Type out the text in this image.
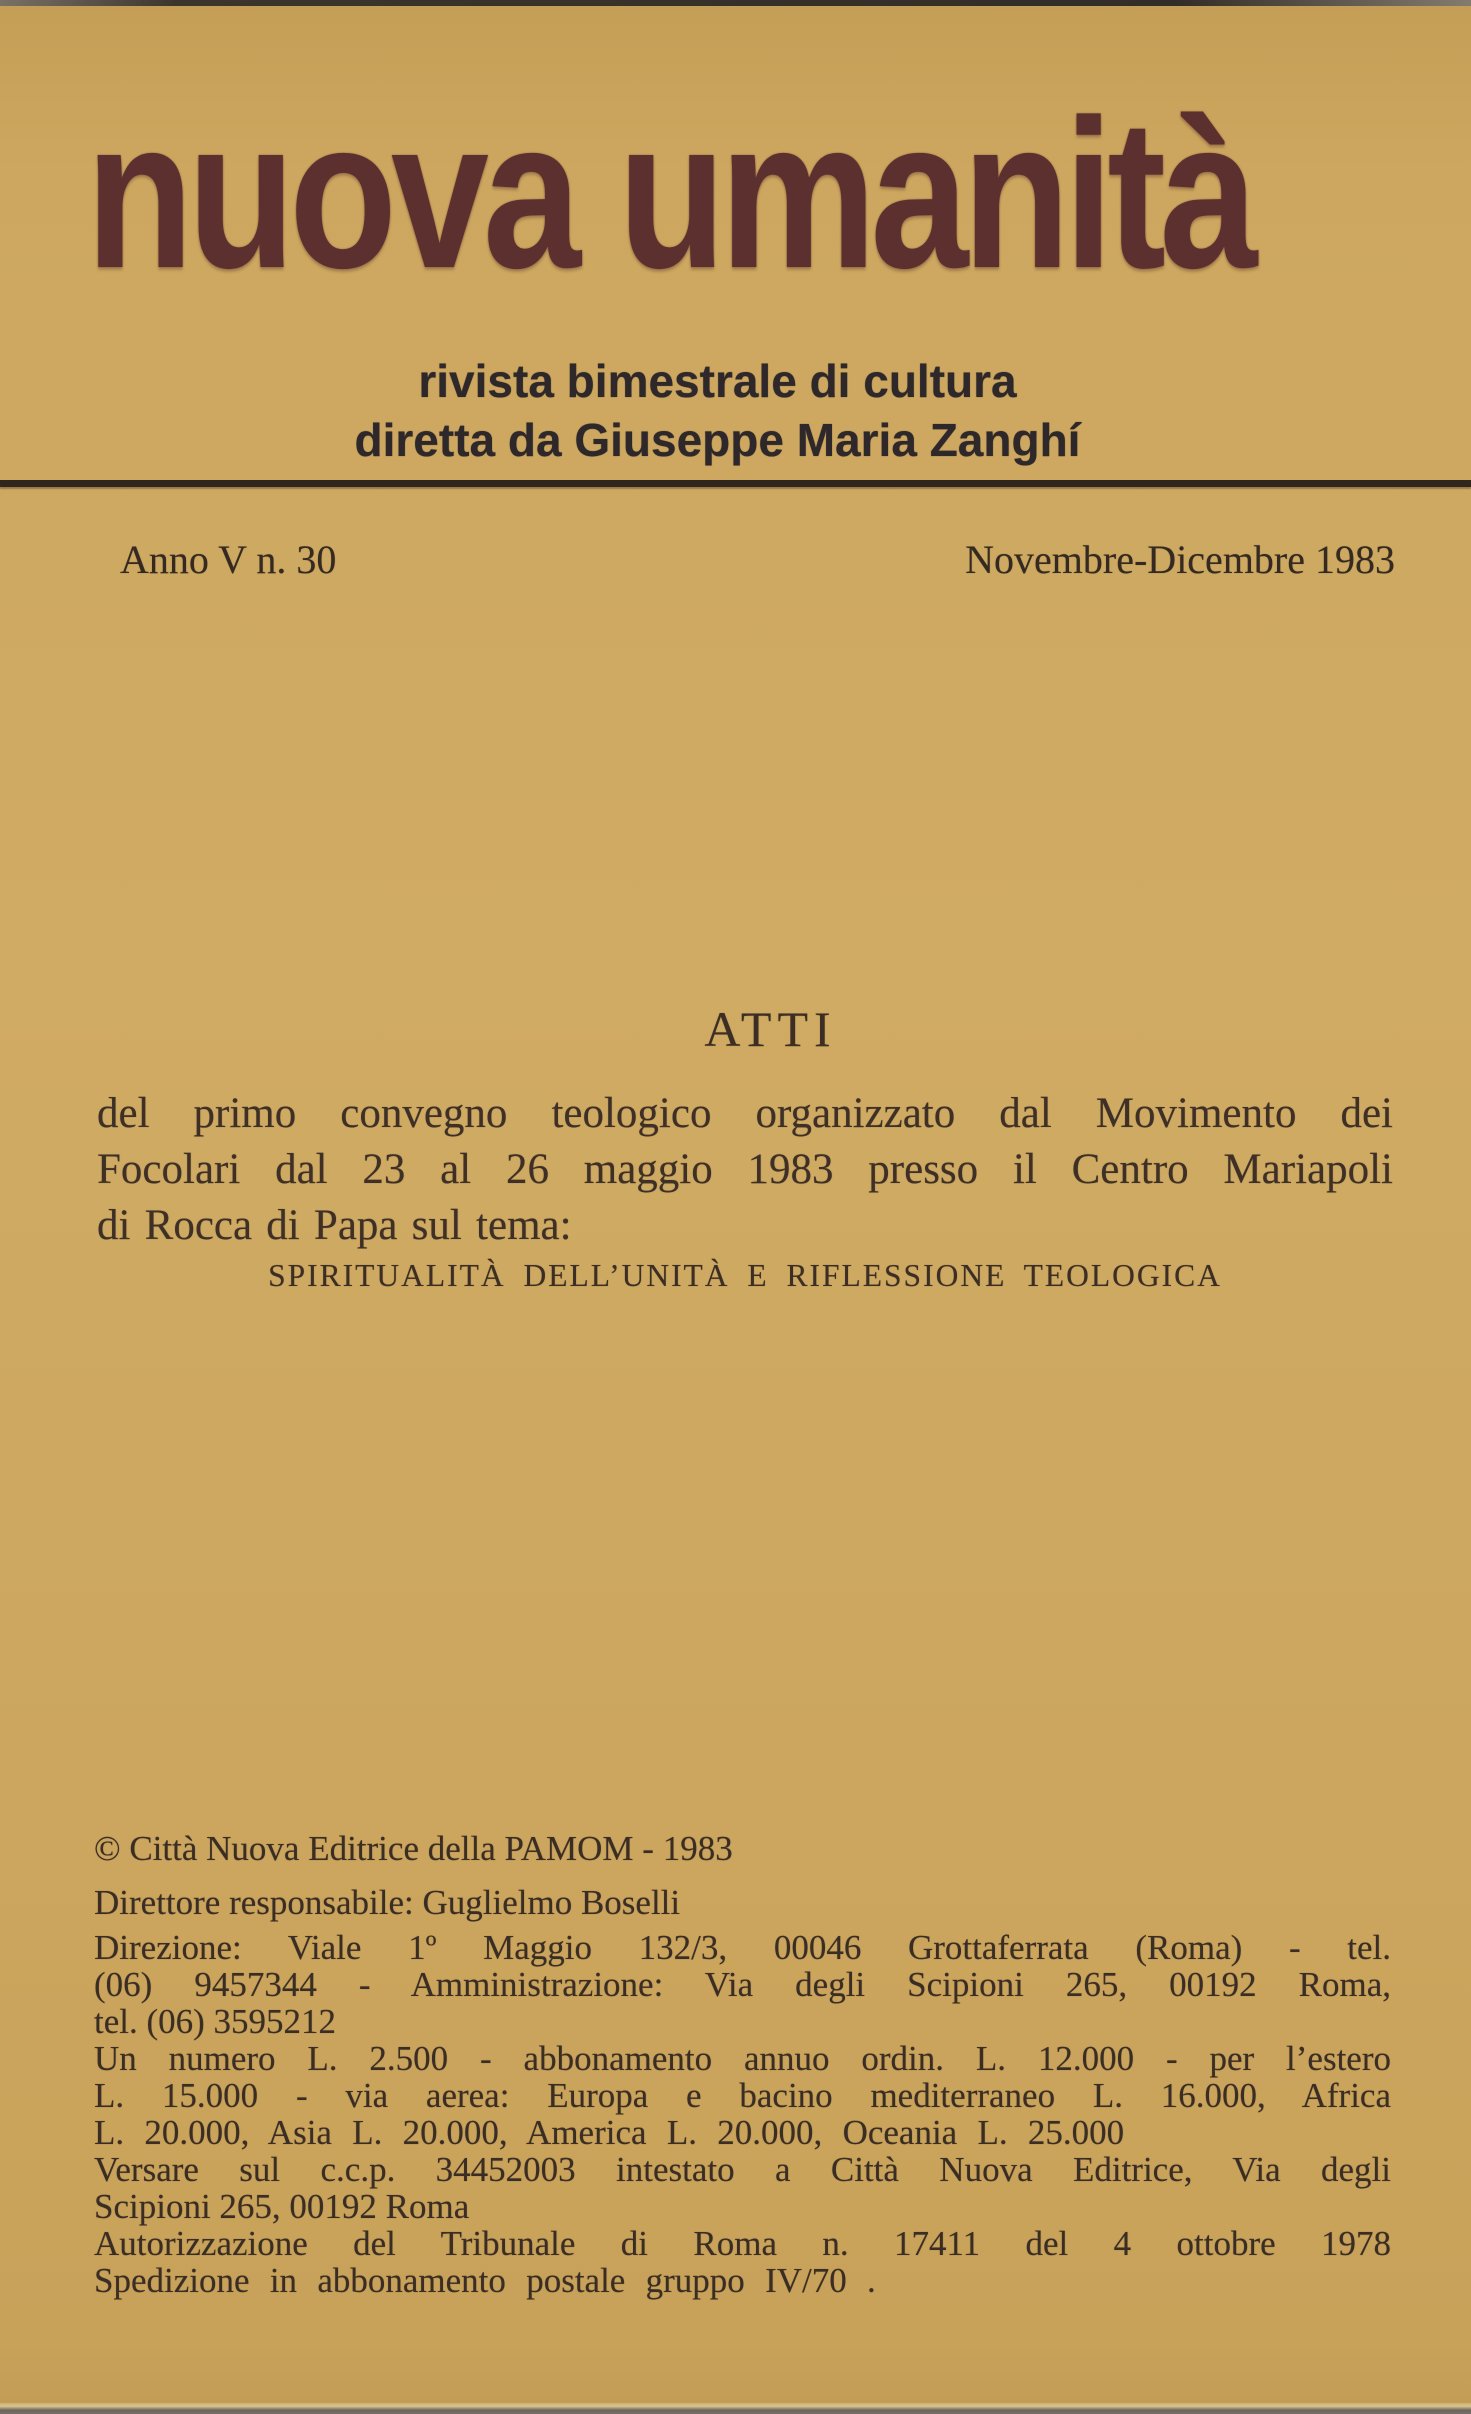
nuova umanità
rivista bimestrale di cultura
diretta da Giuseppe Maria Zanghí
Anno V n. 30	Novembre-Dicembre 1983
ATTI
del primo convegno teologico organizzato dal Movimento dei
Focolari dal 23 al 26 maggio 1983 presso il Centro Mariapoli
di Rocca di Papa sul tema:
SPIRITUALITÀ DELL’UNITÀ E RIFLESSIONE TEOLOGICA
© Città Nuova Editrice della PAMOM - 1983
Direttore responsabile: Guglielmo Boselli
Direzione: Viale 1º Maggio 132/3, 00046 Grottaferrata (Roma) - tel.
(06) 9457344 - Amministrazione: Via degli Scipioni 265, 00192 Roma,
tel. (06) 3595212
Un numero L. 2.500 - abbonamento annuo ordin. L. 12.000 - per l’estero
L. 15.000 - via aerea: Europa e bacino mediterraneo L. 16.000, Africa
L. 20.000, Asia L. 20.000, America L. 20.000, Oceania L. 25.000
Versare sul c.c.p. 34452003 intestato a Città Nuova Editrice, Via degli
Scipioni 265, 00192 Roma
Autorizzazione del Tribunale di Roma n. 17411 del 4 ottobre 1978
Spedizione in abbonamento postale gruppo IV/70 .
